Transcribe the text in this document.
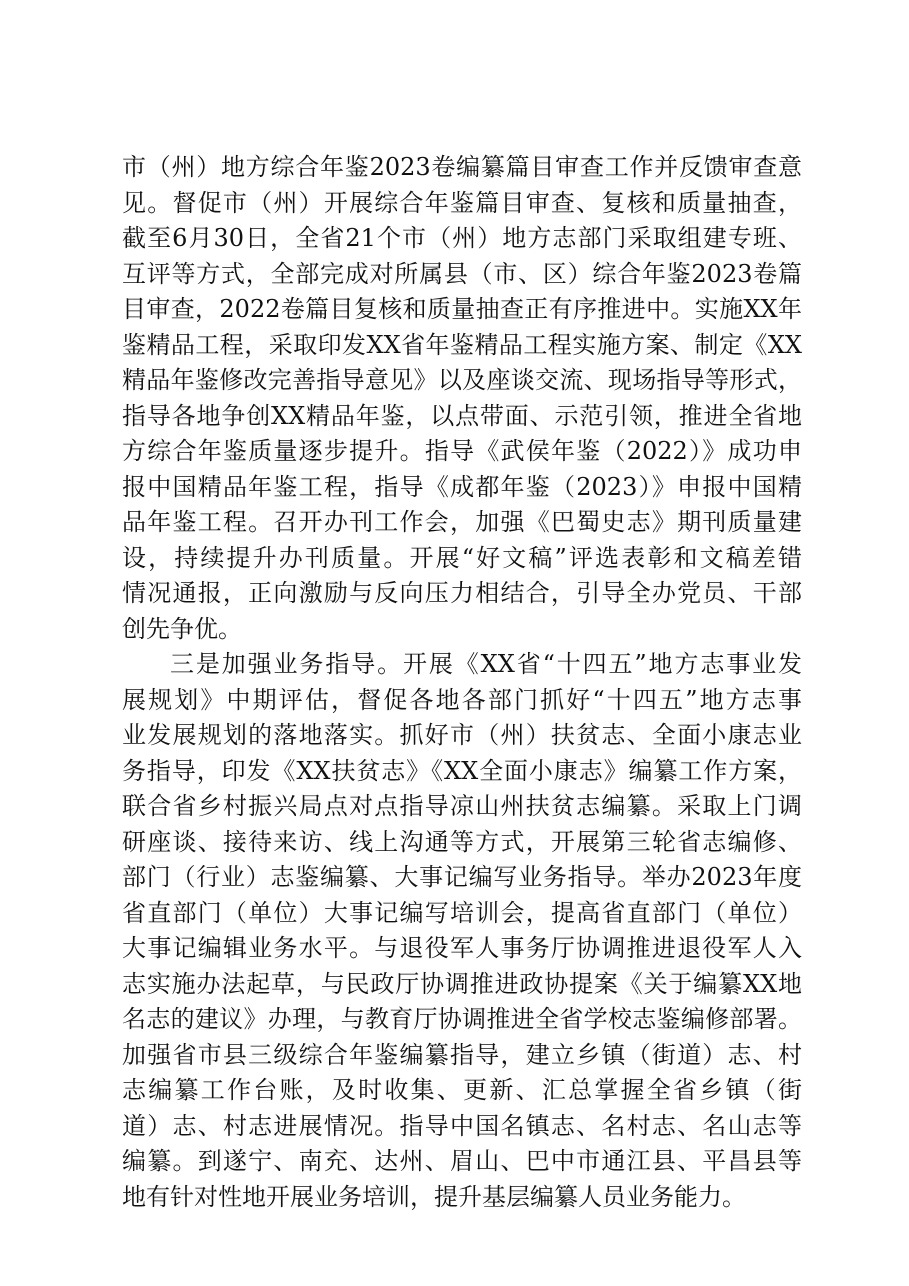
市（州）地方综合年鉴2023卷编纂篇目审查工作并反馈审查意
见。督促市（州）开展综合年鉴篇目审查、复核和质量抽查，
截至6月30日，全省21个市（州）地方志部门采取组建专班、
互评等方式，全部完成对所属县（市、区）综合年鉴2023卷篇
目审查，2022卷篇目复核和质量抽查正有序推进中。实施XX年
鉴精品工程，采取印发XX省年鉴精品工程实施方案、制定《XX
精品年鉴修改完善指导意见》以及座谈交流、现场指导等形式，
指导各地争创XX精品年鉴，以点带面、示范引领，推进全省地
方综合年鉴质量逐步提升。指导《武侯年鉴（2022）》成功申
报中国精品年鉴工程，指导《成都年鉴（2023）》申报中国精
品年鉴工程。召开办刊工作会，加强《巴蜀史志》期刊质量建
设，持续提升办刊质量。开展“好文稿”评选表彰和文稿差错
情况通报，正向激励与反向压力相结合，引导全办党员、干部
创先争优。
三是加强业务指导。开展《XX省“十四五”地方志事业发
展规划》中期评估，督促各地各部门抓好“十四五”地方志事
业发展规划的落地落实。抓好市（州）扶贫志、全面小康志业
务指导，印发《XX扶贫志》《XX全面小康志》编纂工作方案，
联合省乡村振兴局点对点指导凉山州扶贫志编纂。采取上门调
研座谈、接待来访、线上沟通等方式，开展第三轮省志编修、
部门（行业）志鉴编纂、大事记编写业务指导。举办2023年度
省直部门（单位）大事记编写培训会，提高省直部门（单位）
大事记编辑业务水平。与退役军人事务厅协调推进退役军人入
志实施办法起草，与民政厅协调推进政协提案《关于编纂XX地
名志的建议》办理，与教育厅协调推进全省学校志鉴编修部署。
加强省市县三级综合年鉴编纂指导，建立乡镇（街道）志、村
志编纂工作台账，及时收集、更新、汇总掌握全省乡镇（街
道）志、村志进展情况。指导中国名镇志、名村志、名山志等
编纂。到遂宁、南充、达州、眉山、巴中市通江县、平昌县等
地有针对性地开展业务培训，提升基层编纂人员业务能力。
